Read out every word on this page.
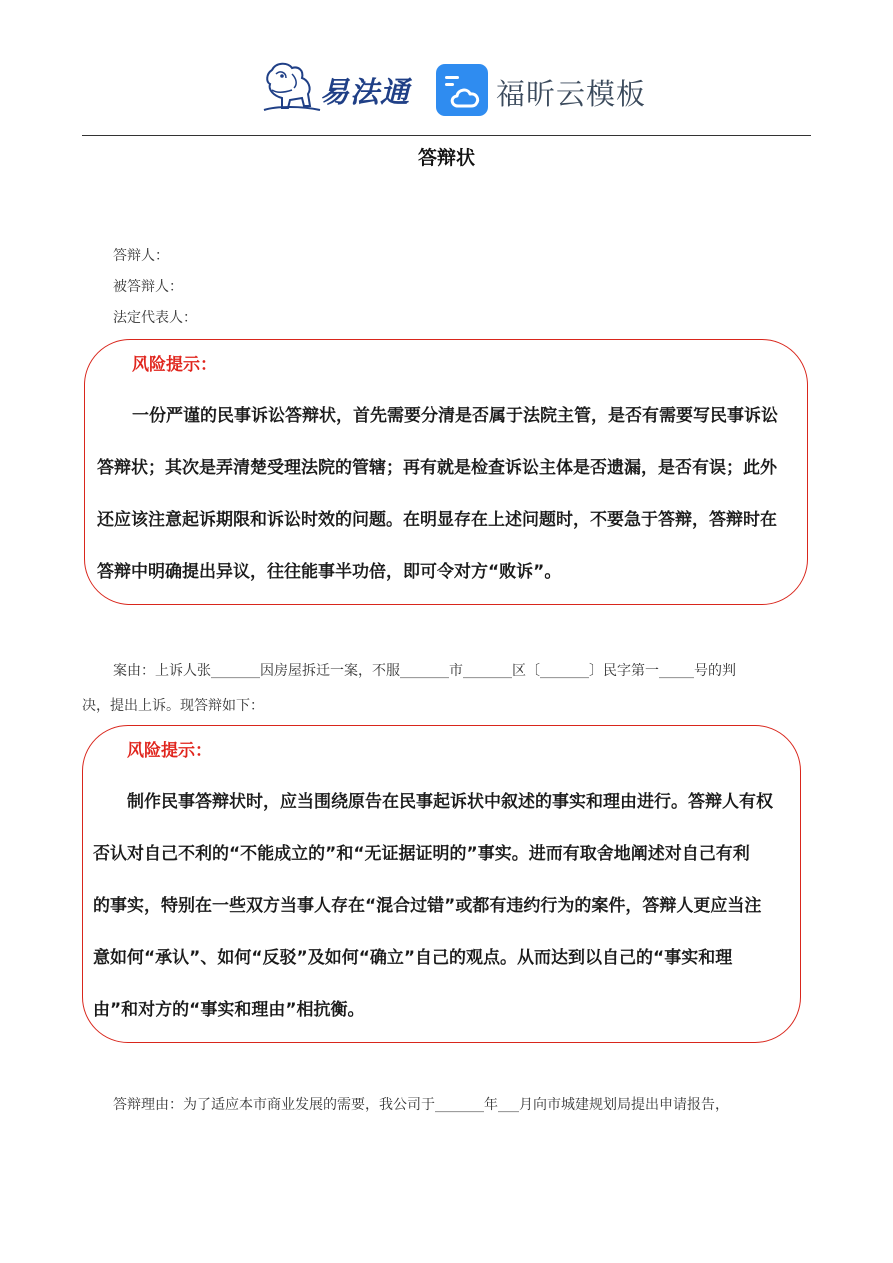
易法通	福昕云模板
答辩状
答辩人：
被答辩人：
法定代表人：
风险提示：
一份严谨的民事诉讼答辩状，首先需要分清是否属于法院主管，是否有需要写民事诉讼
答辩状；其次是弄清楚受理法院的管辖；再有就是检查诉讼主体是否遗漏，是否有误；此外
还应该注意起诉期限和诉讼时效的问题。在明显存在上述问题时，不要急于答辩，答辩时在
答辩中明确提出异议，往往能事半功倍，即可令对方“败诉”。
案由：上诉人张_______因房屋拆迁一案，不服_______市_______区〔_______〕民字第一_____号的判
决，提出上诉。现答辩如下：
风险提示：
制作民事答辩状时，应当围绕原告在民事起诉状中叙述的事实和理由进行。答辩人有权
否认对自己不利的“不能成立的”和“无证据证明的”事实。进而有取舍地阐述对自己有利
的事实，特别在一些双方当事人存在“混合过错”或都有违约行为的案件，答辩人更应当注
意如何“承认”、如何“反驳”及如何“确立”自己的观点。从而达到以自己的“事实和理
由”和对方的“事实和理由”相抗衡。
答辩理由：为了适应本市商业发展的需要，我公司于_______年___月向市城建规划局提出申请报告，
